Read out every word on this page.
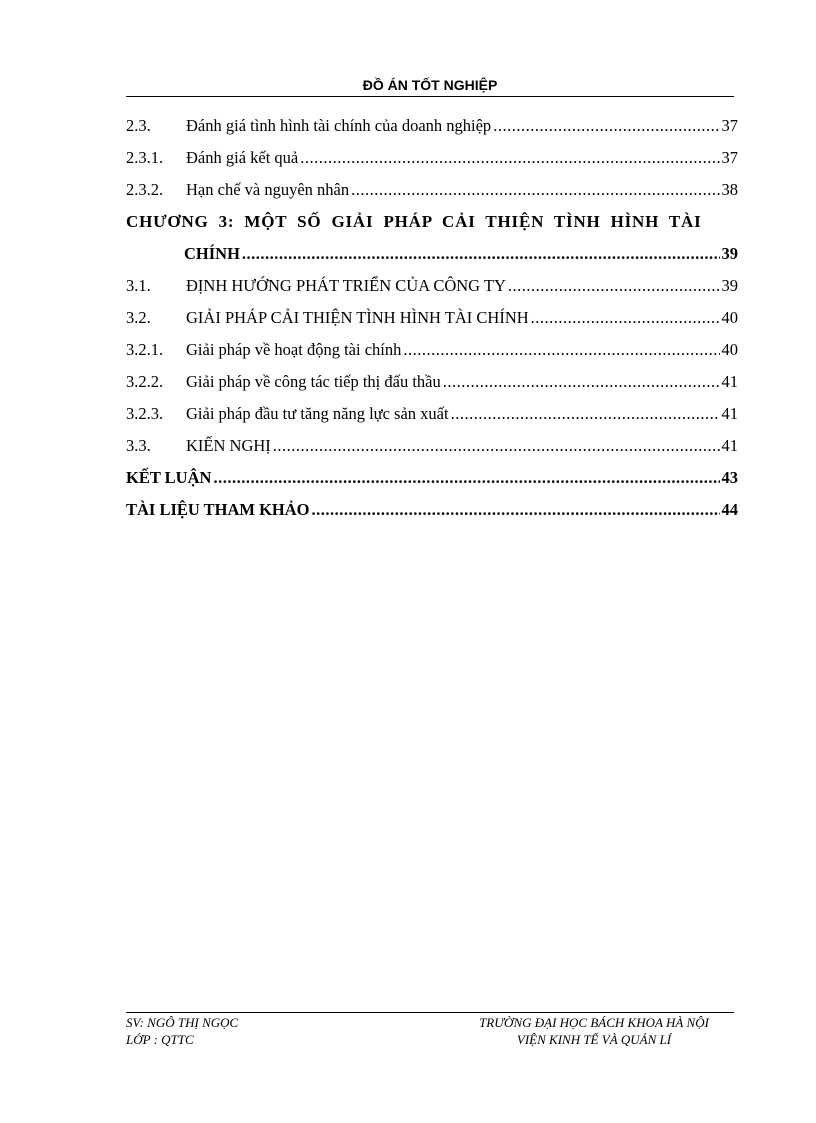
ĐỒ ÁN TỐT NGHIỆP
2.3.	Đánh giá tình hình tài chính của doanh nghiệp .....	37
2.3.1.	Đánh giá kết quả .....	37
2.3.2.	Hạn chế và nguyên nhân .....	38
CHƯƠNG 3: MỘT SỐ GIẢI PHÁP CẢI THIỆN TÌNH HÌNH TÀI
CHÍNH .....	39
3.1.	ĐỊNH HƯỚNG PHÁT TRIỂN CỦA CÔNG TY .....	39
3.2.	GIẢI PHÁP CẢI THIỆN TÌNH HÌNH TÀI CHÍNH .....	40
3.2.1.	Giải pháp về hoạt động tài chính .....	40
3.2.2.	Giải pháp về công tác tiếp thị đấu thầu .....	41
3.2.3.	Giải pháp đầu tư tăng năng lực sản xuất .....	41
3.3.	KIẾN NGHỊ .....	41
KẾT LUẬN .....	43
TÀI LIỆU THAM KHẢO .....	44
SV: NGÔ THỊ NGỌC
LỚP : QTTC
TRƯỜNG ĐẠI HỌC BÁCH KHOA HÀ NỘI
VIỆN KINH TẾ VÀ QUẢN LÍ
